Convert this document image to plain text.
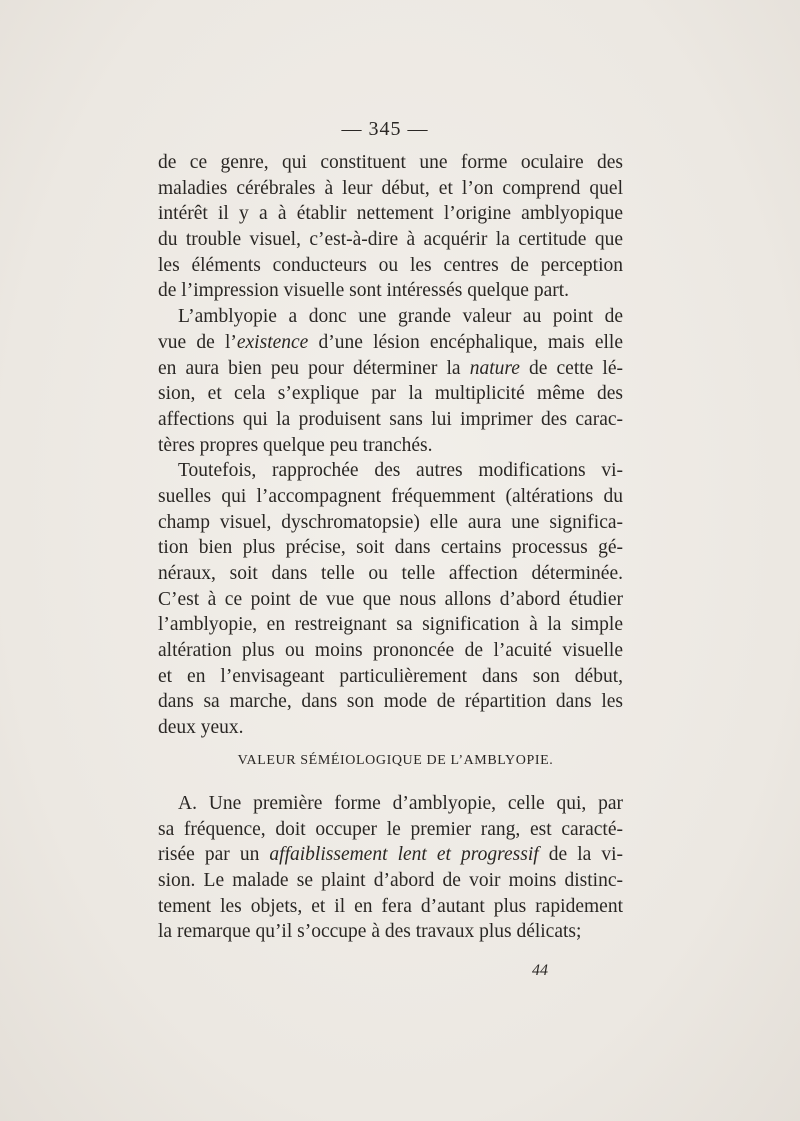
— 345 —
de ce genre, qui constituent une forme oculaire des
maladies cérébrales à leur début, et l’on comprend quel
intérêt il y a à établir nettement l’origine amblyopique
du trouble visuel, c’est-à-dire à acquérir la certitude que
les éléments conducteurs ou les centres de perception
de l’impression visuelle sont intéressés quelque part.
L’amblyopie a donc une grande valeur au point de
vue de l’existence d’une lésion encéphalique, mais elle
en aura bien peu pour déterminer la nature de cette lé-
sion, et cela s’explique par la multiplicité même des
affections qui la produisent sans lui imprimer des carac-
tères propres quelque peu tranchés.
Toutefois, rapprochée des autres modifications vi-
suelles qui l’accompagnent fréquemment (altérations du
champ visuel, dyschromatopsie) elle aura une significa-
tion bien plus précise, soit dans certains processus gé-
néraux, soit dans telle ou telle affection déterminée.
C’est à ce point de vue que nous allons d’abord étudier
l’amblyopie, en restreignant sa signification à la simple
altération plus ou moins prononcée de l’acuité visuelle
et en l’envisageant particulièrement dans son début,
dans sa marche, dans son mode de répartition dans les
deux yeux.
VALEUR SÉMÉIOLOGIQUE DE L’AMBLYOPIE.
A. Une première forme d’amblyopie, celle qui, par
sa fréquence, doit occuper le premier rang, est caracté-
risée par un affaiblissement lent et progressif de la vi-
sion. Le malade se plaint d’abord de voir moins distinc-
tement les objets, et il en fera d’autant plus rapidement
la remarque qu’il s’occupe à des travaux plus délicats;
44
